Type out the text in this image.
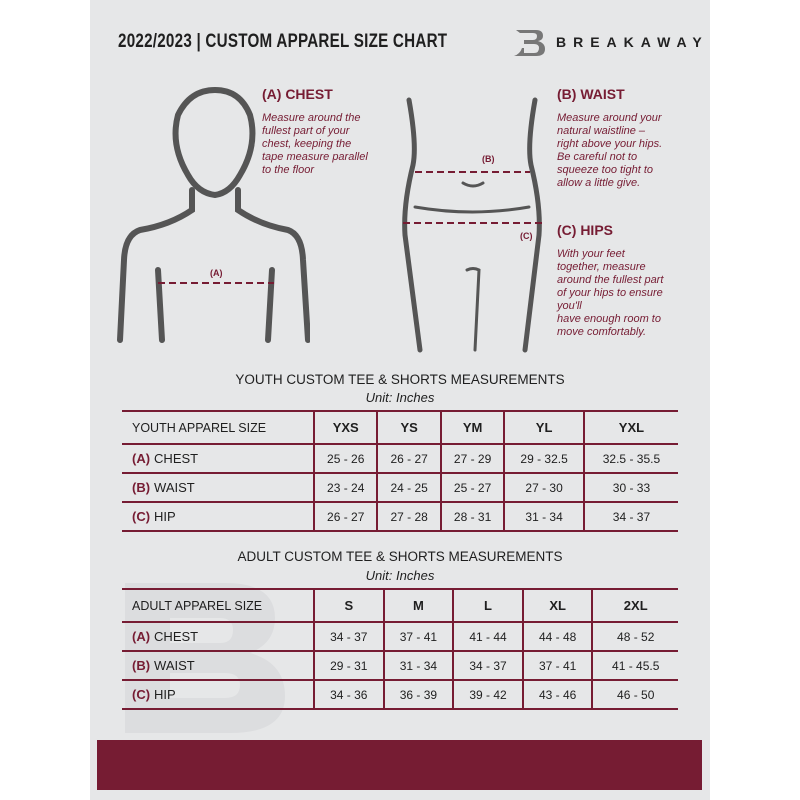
2022/2023 | CUSTOM APPAREL SIZE CHART	BREAKAWAY
(A)
(B)
(C)
(A) CHEST
Measure around the
fullest part of your
chest, keeping the
tape measure parallel
to the floor
(B) WAIST
Measure around your
natural waistline –
right above your hips.
Be careful not to
squeeze too tight to
allow a little give.
(C) HIPS
With your feet
together, measure
around the fullest part
of your hips to ensure
you'll
have enough room to
move comfortably.
YOUTH CUSTOM TEE & SHORTS MEASUREMENTS
Unit: Inches
YOUTH APPAREL SIZE	YXS	YS	YM	YL	YXL
(A) CHEST	25 - 26	26 - 27	27 - 29	29 - 32.5	32.5 - 35.5
(B) WAIST	23 - 24	24 - 25	25 - 27	27 - 30	30 - 33
(C) HIP	26 - 27	27 - 28	28 - 31	31 - 34	34 - 37
ADULT CUSTOM TEE & SHORTS MEASUREMENTS
Unit: Inches
ADULT APPAREL SIZE	S	M	L	XL	2XL
(A) CHEST	34 - 37	37 - 41	41 - 44	44 - 48	48 - 52
(B) WAIST	29 - 31	31 - 34	34 - 37	37 - 41	41 - 45.5
(C) HIP	34 - 36	36 - 39	39 - 42	43 - 46	46 - 50
